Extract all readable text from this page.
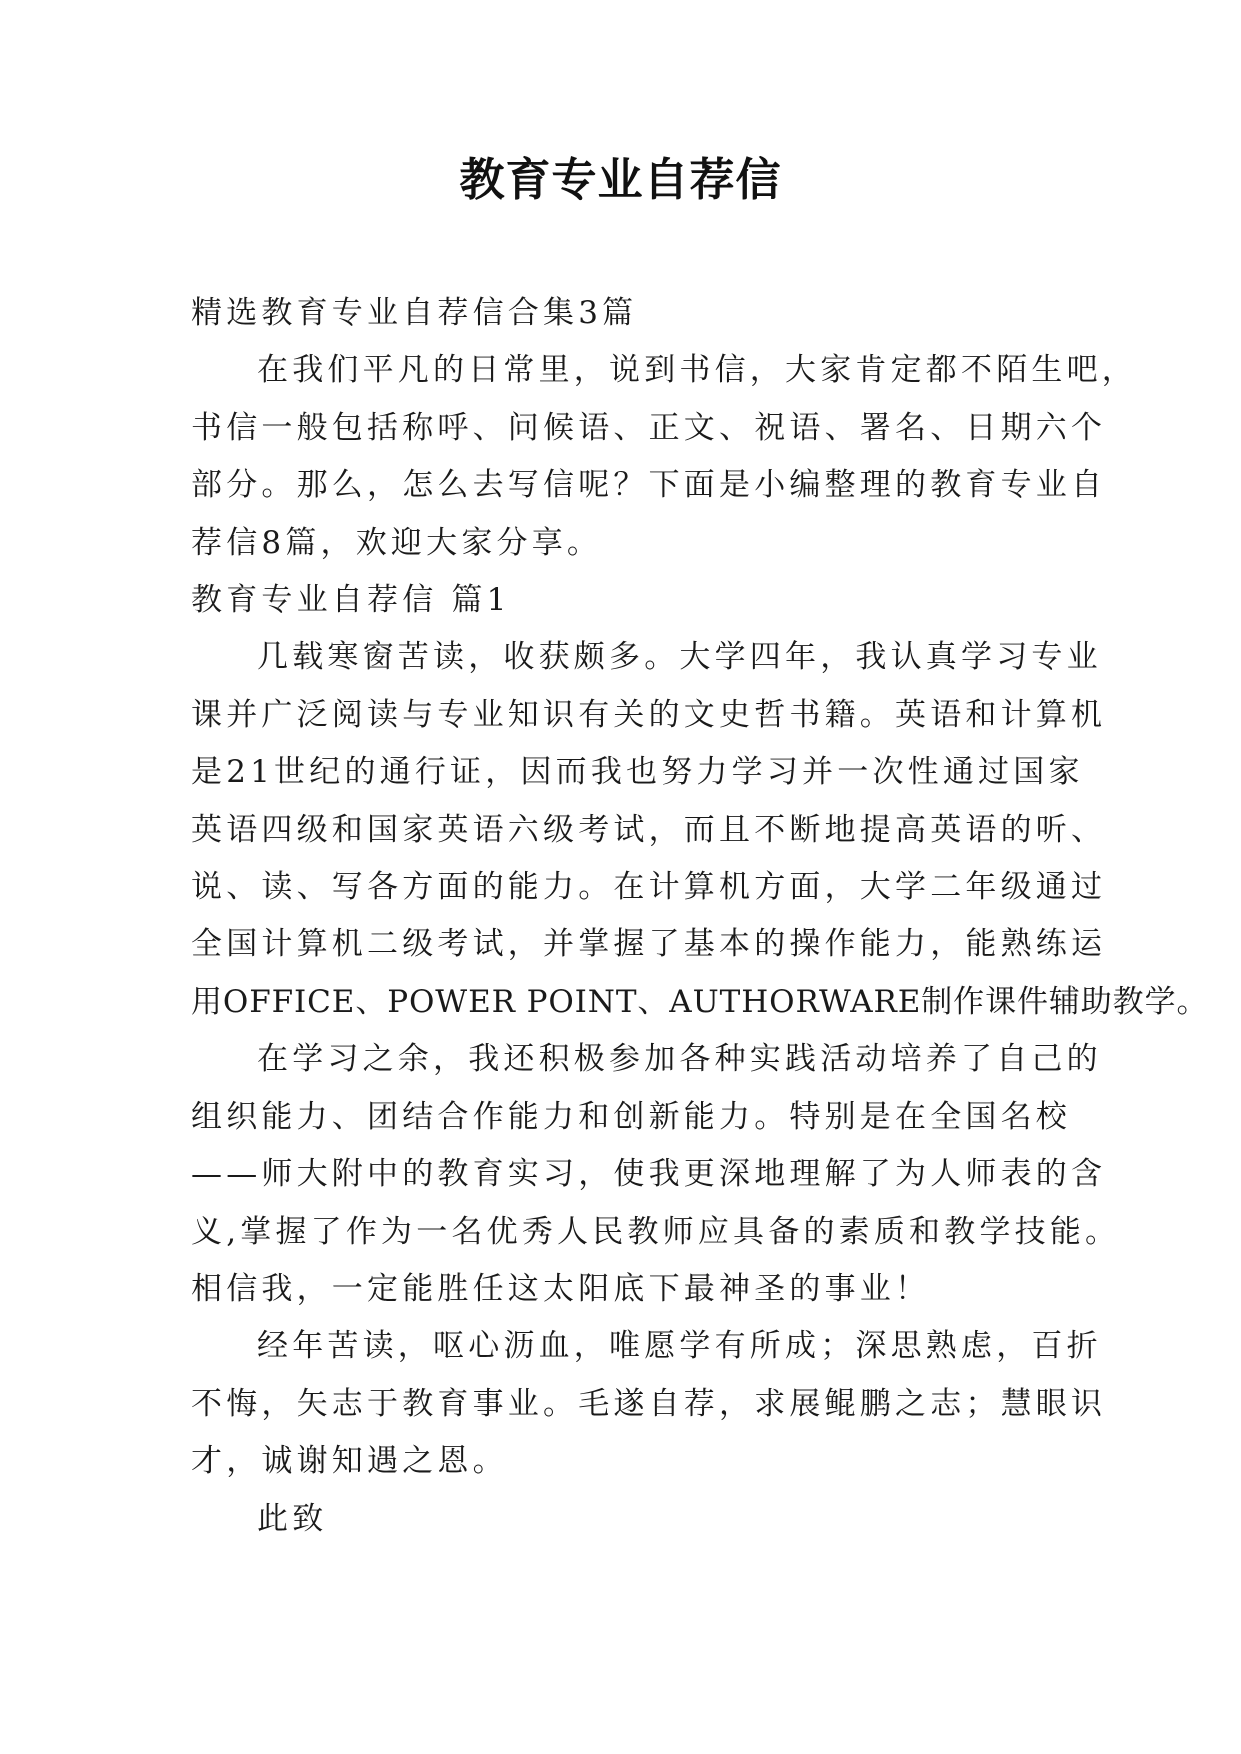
教育专业自荐信

精选教育专业自荐信合集3篇

在我们平凡的日常里，说到书信，大家肯定都不陌生吧，

书信一般包括称呼、问候语、正文、祝语、署名、日期六个

部分。那么，怎么去写信呢？下面是小编整理的教育专业自

荐信8篇，欢迎大家分享。

教育专业自荐信 篇1

几载寒窗苦读，收获颇多。大学四年，我认真学习专业

课并广泛阅读与专业知识有关的文史哲书籍。英语和计算机

是21世纪的通行证，因而我也努力学习并一次性通过国家

英语四级和国家英语六级考试，而且不断地提高英语的听、

说、读、写各方面的能力。在计算机方面，大学二年级通过

全国计算机二级考试，并掌握了基本的操作能力，能熟练运

用OFFICE、POWER POINT、AUTHORWARE制作课件辅助教学。

在学习之余，我还积极参加各种实践活动培养了自己的

组织能力、团结合作能力和创新能力。特别是在全国名校

——师大附中的教育实习，使我更深地理解了为人师表的含

义,掌握了作为一名优秀人民教师应具备的素质和教学技能。

相信我，一定能胜任这太阳底下最神圣的事业！

经年苦读，呕心沥血，唯愿学有所成；深思熟虑，百折

不悔，矢志于教育事业。毛遂自荐，求展鲲鹏之志；慧眼识

才，诚谢知遇之恩。

此致
